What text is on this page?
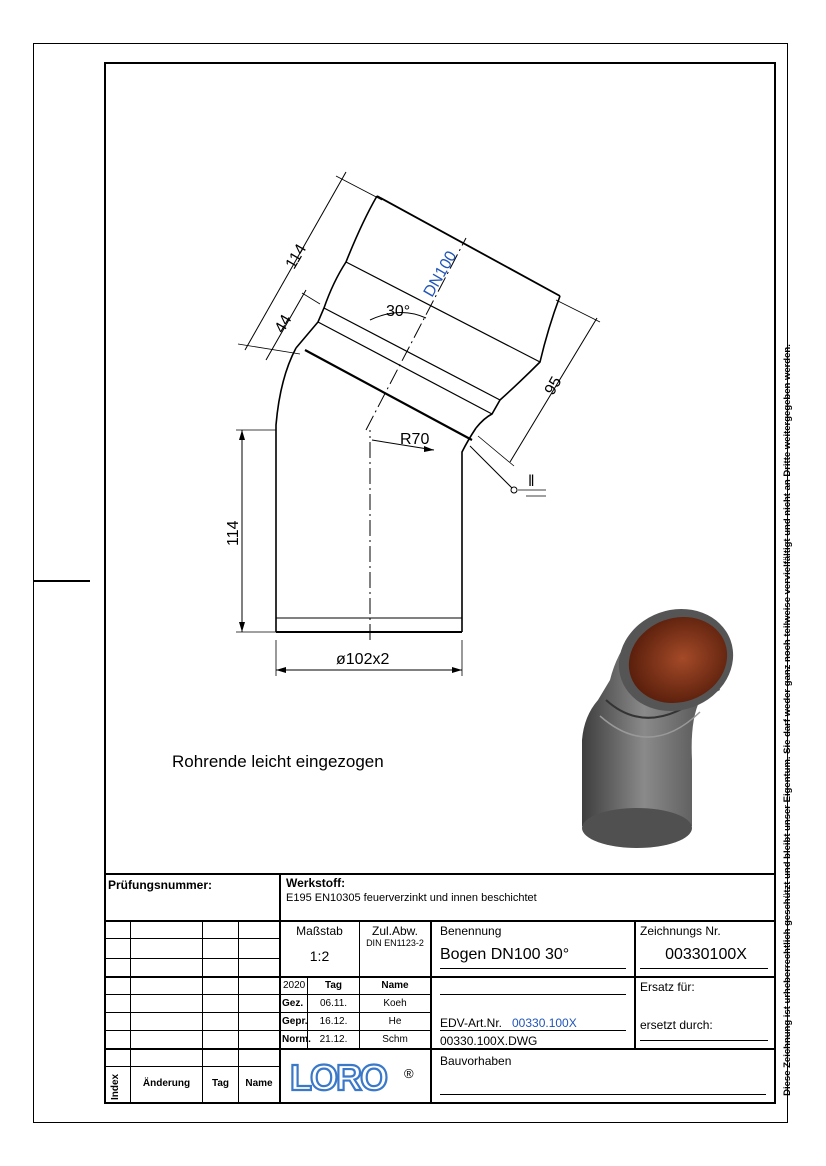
Diese Zeichnung ist urheberrechtlich geschützt und bleibt unser Eigentum. Sie darf weder ganz noch teilweise vervielfältigt und nicht an Dritte weitergegeben werden.
114
44
DN100
30°
95
R70
‖
114
ø102x2
Rohrende leicht eingezogen
Prüfungsnummer:	Werkstoff:
E195 EN10305 feuerverzinkt und innen beschichtet
Maßstab
1:2
Zul.Abw.
DIN EN1123-2
Benennung
Bogen DN100 30°
Zeichnungs Nr.
00330100X
Ersatz für:
ersetzt durch:
2020	Tag	Name
Gez.	06.11.	Koeh
Gepr.	16.12.	He
Norm. 21.12.	Schm
EDV-Art.Nr. 00330.100X
00330.100X.DWG
Bauvorhaben
Index	Änderung	Tag	Name LORO ®
